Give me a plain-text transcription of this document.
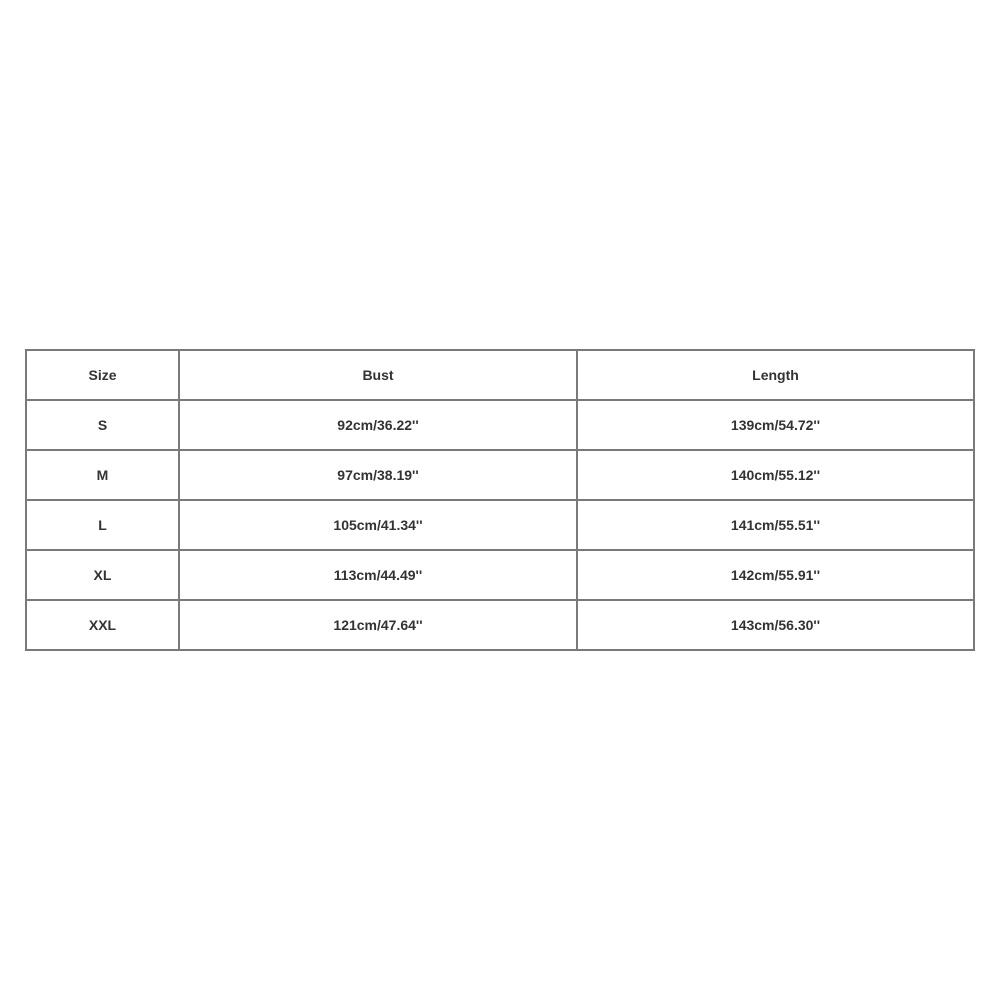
Size	Bust	Length
S	92cm/36.22''	139cm/54.72''
M	97cm/38.19''	140cm/55.12''
L	105cm/41.34''	141cm/55.51''
XL	113cm/44.49''	142cm/55.91''
XXL	121cm/47.64''	143cm/56.30''
